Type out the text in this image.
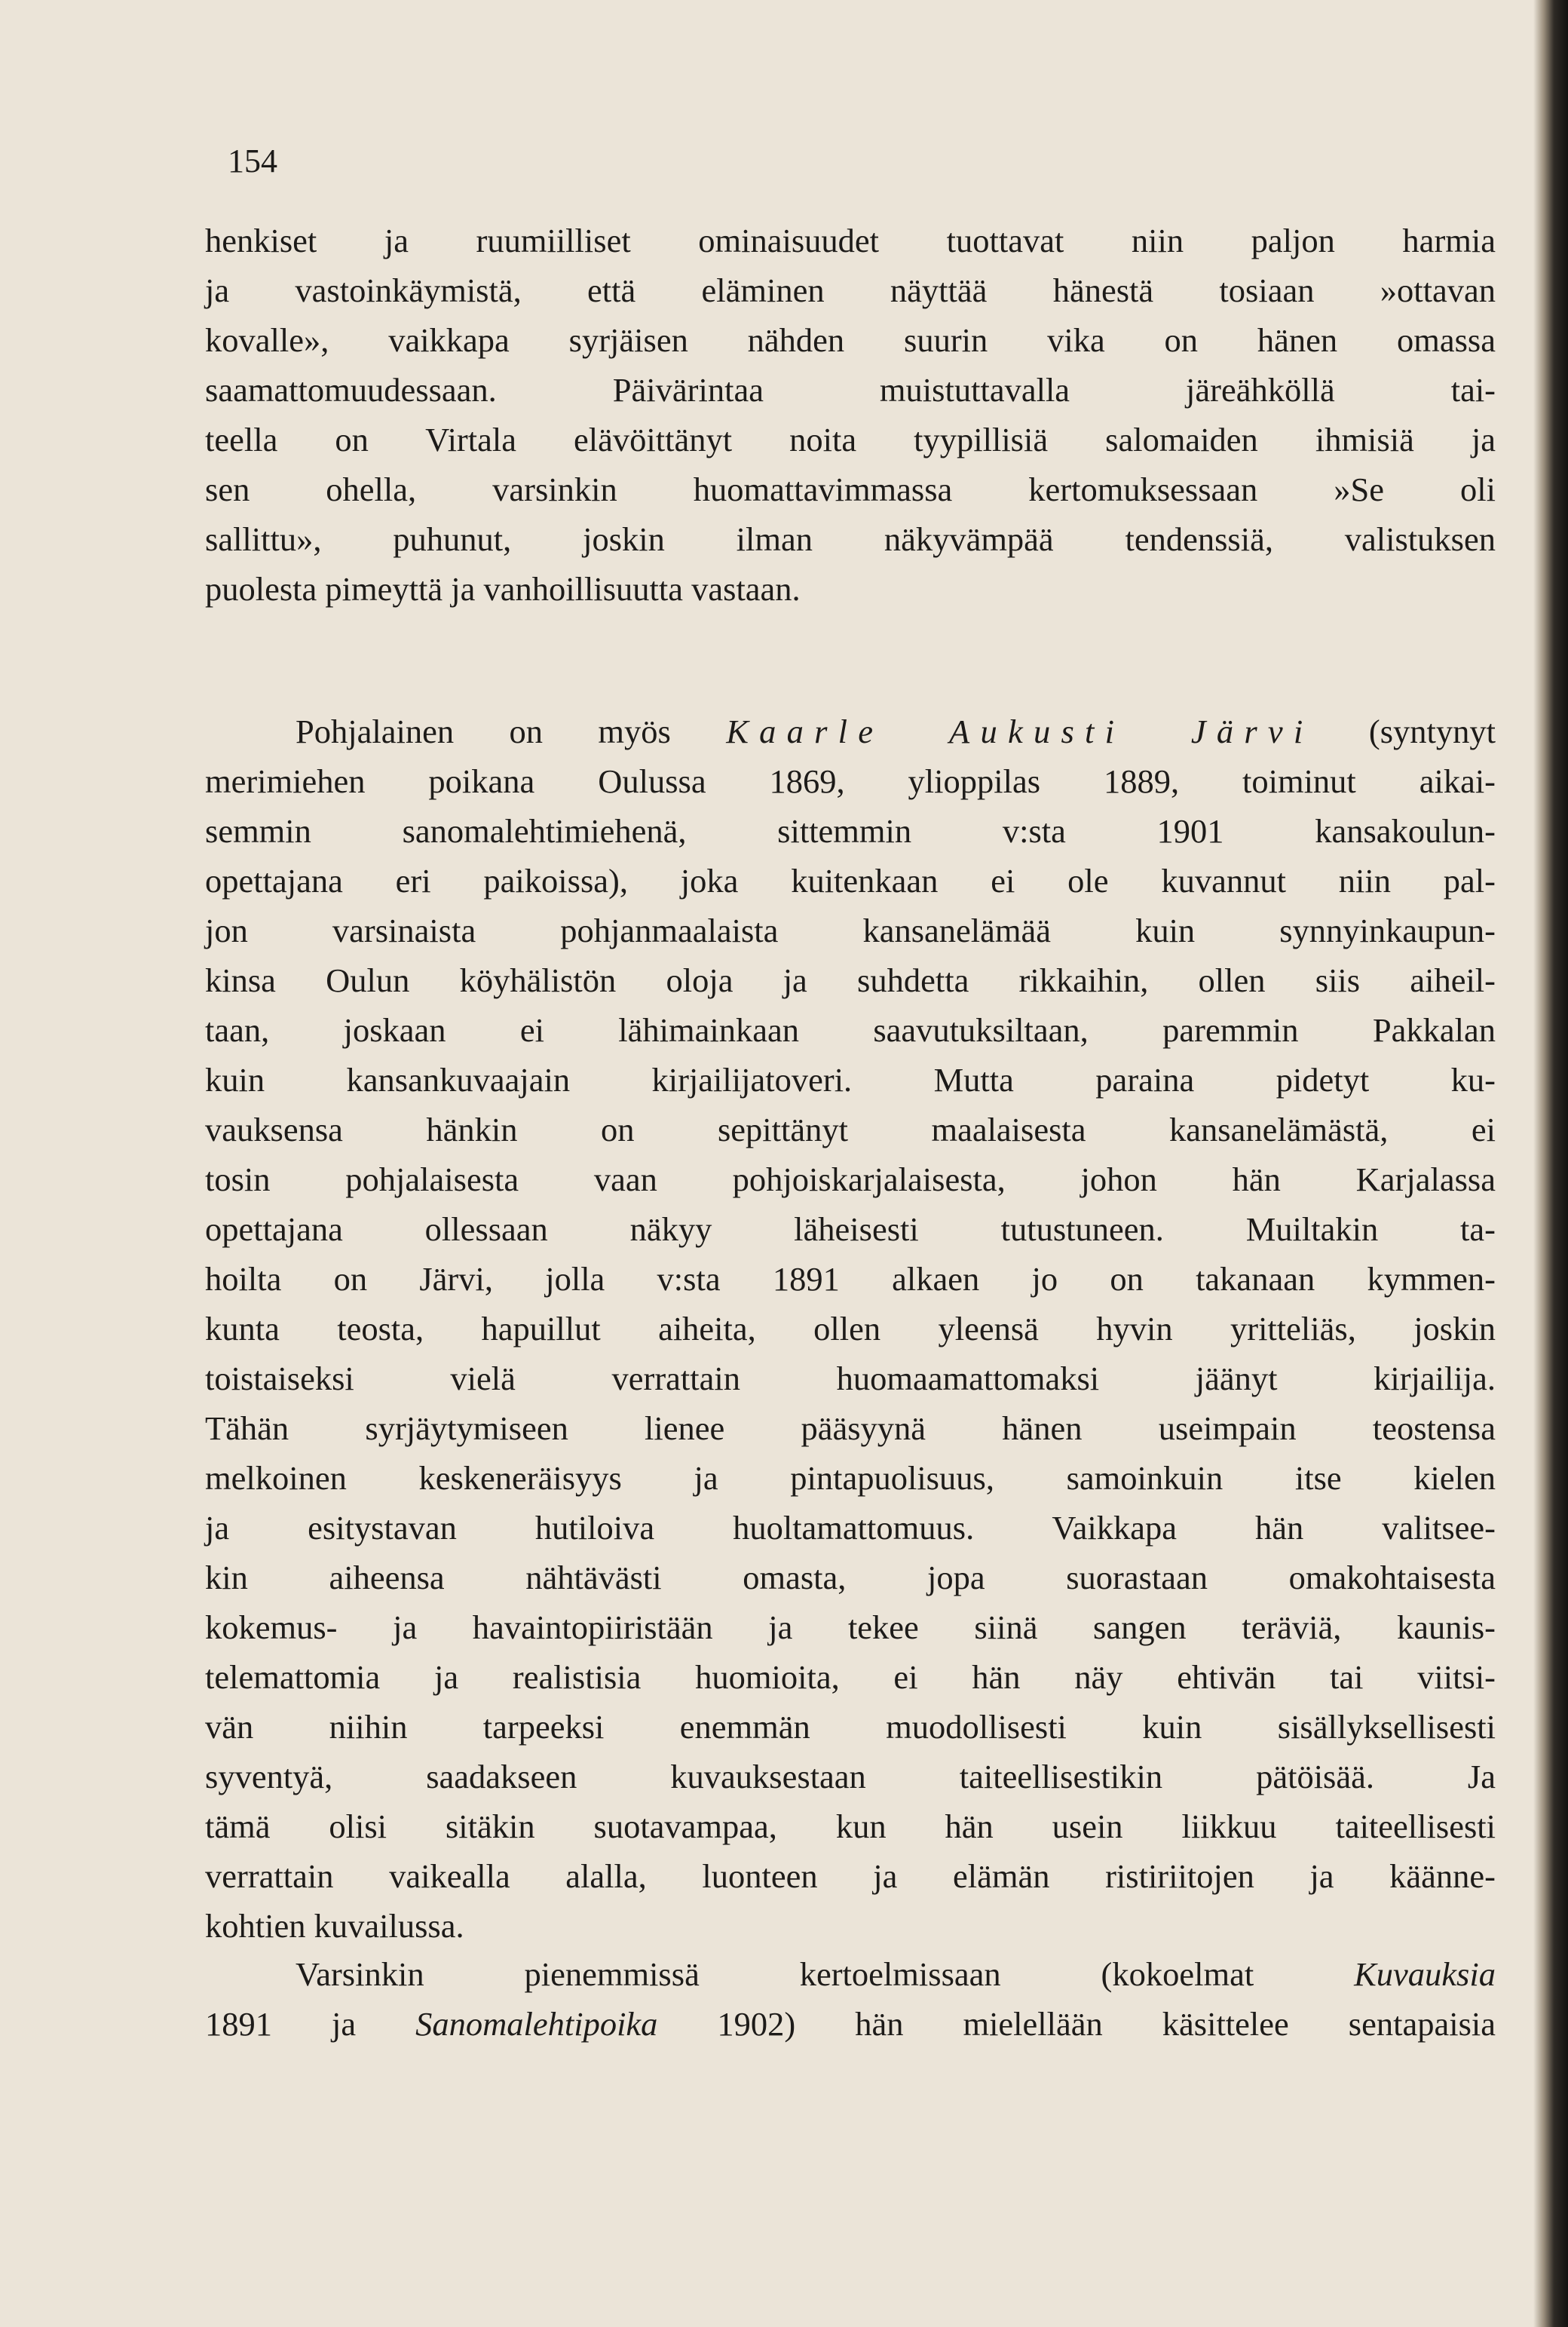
154

henkiset ja ruumiilliset ominaisuudet tuottavat niin paljon harmia
ja vastoinkäymistä, että eläminen näyttää hänestä tosiaan »ottavan
kovalle», vaikkapa syrjäisen nähden suurin vika on hänen omassa
saamattomuudessaan. Päivärintaa muistuttavalla järeähköllä tai-
teella on Virtala elävöittänyt noita tyypillisiä salomaiden ihmisiä ja
sen ohella, varsinkin huomattavimmassa kertomuksessaan »Se oli
sallittu», puhunut, joskin ilman näkyvämpää tendenssiä, valistuksen
puolesta pimeyttä ja vanhoillisuutta vastaan.
Pohjalainen on myös Kaarle Aukusti Järvi (syntynyt
merimiehen poikana Oulussa 1869, ylioppilas 1889, toiminut aikai-
semmin sanomalehtimiehenä, sittemmin v:sta 1901 kansakoulun-
opettajana eri paikoissa), joka kuitenkaan ei ole kuvannut niin pal-
jon varsinaista pohjanmaalaista kansanelämää kuin synnyinkaupun-
kinsa Oulun köyhälistön oloja ja suhdetta rikkaihin, ollen siis aiheil-
taan, joskaan ei lähimainkaan saavutuksiltaan, paremmin Pakkalan
kuin kansankuvaajain kirjailijatoveri. Mutta paraina pidetyt ku-
vauksensa hänkin on sepittänyt maalaisesta kansanelämästä, ei
tosin pohjalaisesta vaan pohjoiskarjalaisesta, johon hän Karjalassa
opettajana ollessaan näkyy läheisesti tutustuneen. Muiltakin ta-
hoilta on Järvi, jolla v:sta 1891 alkaen jo on takanaan kymmen-
kunta teosta, hapuillut aiheita, ollen yleensä hyvin yritteliäs, joskin
toistaiseksi vielä verrattain huomaamattomaksi jäänyt kirjailija.
Tähän syrjäytymiseen lienee pääsyynä hänen useimpain teostensa
melkoinen keskeneräisyys ja pintapuolisuus, samoinkuin itse kielen
ja esitystavan hutiloiva huoltamattomuus. Vaikkapa hän valitsee-
kin aiheensa nähtävästi omasta, jopa suorastaan omakohtaisesta
kokemus- ja havaintopiiristään ja tekee siinä sangen teräviä, kaunis-
telemattomia ja realistisia huomioita, ei hän näy ehtivän tai viitsi-
vän niihin tarpeeksi enemmän muodollisesti kuin sisällyksellisesti
syventyä, saadakseen kuvauksestaan taiteellisestikin pätöisää. Ja
tämä olisi sitäkin suotavampaa, kun hän usein liikkuu taiteellisesti
verrattain vaikealla alalla, luonteen ja elämän ristiriitojen ja käänne-
kohtien kuvailussa.
Varsinkin pienemmissä kertoelmissaan (kokoelmat Kuvauksia
1891 ja Sanomalehtipoika 1902) hän mielellään käsittelee sentapaisia
